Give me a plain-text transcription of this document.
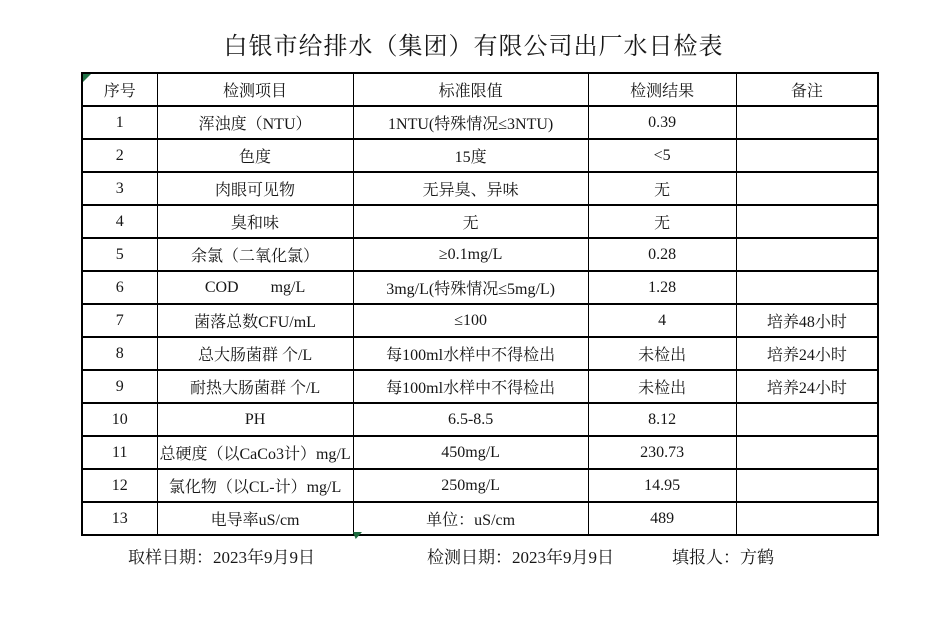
白银市给排水（集团）有限公司出厂水日检表
序号	检测项目	标准限值	检测结果	备注
1	浑浊度（NTU）	1NTU(特殊情况≤3NTU)	0.39	
2	色度	15度	<5	
3	肉眼可见物	无异臭、异味	无	
4	臭和味	无	无	
5	余氯（二氧化氯）	≥0.1mg/L	0.28	
6	COD        mg/L	3mg/L(特殊情况≤5mg/L)	1.28	
7	菌落总数CFU/mL	≤100	4	培养48小时
8	总大肠菌群 个/L	每100ml水样中不得检出	未检出	培养24小时
9	耐热大肠菌群 个/L	每100ml水样中不得检出	未检出	培养24小时
10	PH	6.5-8.5	8.12	
11	总硬度（以CaCo3计）mg/L	450mg/L	230.73	
12	氯化物（以CL-计）mg/L	250mg/L	14.95	
13	电导率uS/cm	单位：uS/cm	489	
取样日期：2023年9月9日	检测日期：2023年9月9日	填报人：方鹤
